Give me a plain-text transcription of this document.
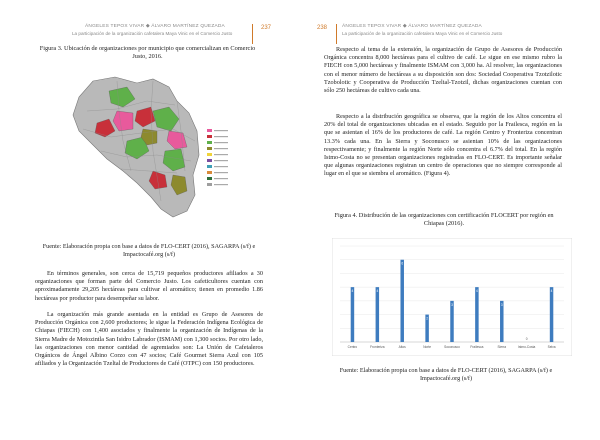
ÁNGELES TEPOX VIVAR ◆ ÁLVARO MARTÍNEZ QUEZADA
La participación de la organización cafetalera Maya Vinic en el Comercio Justo
237
Figura 3. Ubicación de organizaciones por municipio que comercializan en Comercio Justo, 2016.
Fuente: Elaboración propia con base a datos de FLO-CERT (2016), SAGARPA (s/f) e Impactocafé.org (s/f)

En términos generales, son cerca de 15,719 pequeños productores afiliados a 30 organizaciones que forman parte del Comercio Justo. Los cafeticultores cuentan con aproximadamente 29,205 hectáreas para cultivar el aromático; tienen en promedio 1.86 hectáreas por productor para desempeñar su labor.

La organización más grande asentada en la entidad es Grupo de Asesores de Producción Orgánica con 2,600 productores; le sigue la Federación Indígena Ecológica de Chiapas (FIECH) con 1,400 asociados y finalmente la organización de Indígenas de la Sierra Madre de Motozintla San Isidro Labrador (ISMAM) con 1,300 socios. Por otro lado, las organizaciones con menor cantidad de agremiados son: La Unión de Cafetaleros Orgánicos de Ángel Albino Corzo con 47 socios; Café Gourmet Sierra Azul con 105 afiliados y la Organización Tzeltal de Productores de Café (OTPC) con 150 productores.

238	ÁNGELES TEPOX VIVAR ◆ ÁLVARO MARTÍNEZ QUEZADA
La participación de la organización cafetalera Maya Vinic en el Comercio Justo

Respecto al tema de la extensión, la organización de Grupo de Asesores de Producción Orgánica concentra 8,000 hectáreas para el cultivo de café. Le sigue en ese mismo rubro la FIECH con 5,000 hectáreas y finalmente ISMAM con 3,000 ha. Al resolver, las organizaciones con el menor número de hectáreas a su disposición son dos: Sociedad Cooperativa Tzotzilotic Tzobolotic y Cooperativa de Producción Tzeltal-Tzotzil, dichas organizaciones cuentan con sólo 250 hectáreas de cultivo cada una.

Respecto a la distribución geográfica se observa, que la región de los Altos concentra el 20% del total de organizaciones ubicadas en el estado. Seguido por la Frailesca, región en la que se asientan el 16% de los productores de café. La región Centro y Fronteriza concentran 13.3% cada una. En la Sierra y Soconusco se asientan 10% de las organizaciones respectivamente; y finalmente la región Norte sólo concentra el 6.7% del total. En la región Istmo-Costa no se presentan organizaciones registradas en FLO-CERT. Es importante señalar que algunas organizaciones registran un centro de operaciones que no siempre corresponde al lugar en el que se siembra el aromático. (Figura 4).

Figura 4. Distribución de las organizaciones con certificación FLOCERT por región en Chiapas (2016).
Fuente: Elaboración propia con base a datos de FLO-CERT (2016), SAGARPA (s/f) e Impactocafé.org (s/f)
4	4
6
2
3
4
3
0
4
Centro	Fronteriza	Altos	Norte	Soconusco	Frailesca	Sierra	Istmo-Costa	Selva
